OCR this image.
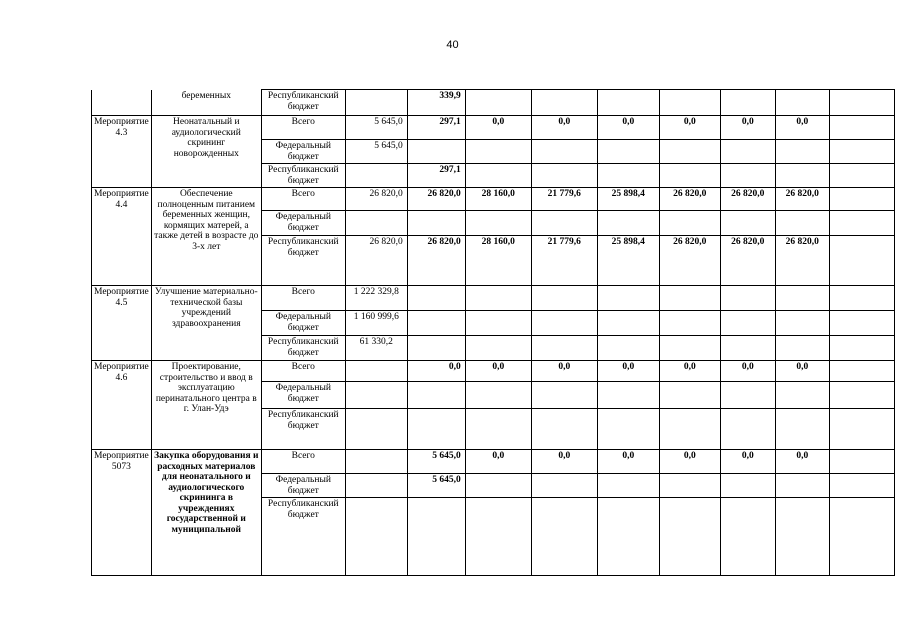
40
	беременных	Республиканский бюджет		339,9							
Мероприятие 4.3	Неонатальный и аудиологический скрининг новорожденных	Всего	5 645,0	297,1	0,0	0,0	0,0	0,0	0,0	0,0	
		Федеральный бюджет	5 645,0								
		Республиканский бюджет		297,1							
Мероприятие 4.4	Обеспечение полноценным питанием беременных женщин, кормящих матерей, а также детей в возрасте до 3-х лет	Всего	26 820,0	26 820,0	28 160,0	21 779,6	25 898,4	26 820,0	26 820,0	26 820,0	
		Федеральный бюджет									
		Республиканский бюджет	26 820,0	26 820,0	28 160,0	21 779,6	25 898,4	26 820,0	26 820,0	26 820,0	
Мероприятие 4.5	Улучшение материально-технической базы учреждений здравоохранения	Всего	1 222 329,8								
		Федеральный бюджет	1 160 999,6								
		Республиканский бюджет	61 330,2								
Мероприятие 4.6	Проектирование, строительство и ввод в эксплуатацию перинатального центра в г. Улан-Удэ	Всего		0,0	0,0	0,0	0,0	0,0	0,0	0,0	
		Федеральный бюджет									
		Республиканский бюджет									
Мероприятие 5073	Закупка оборудования и расходных материалов для неонатального и аудиологического скрининга в учреждениях государственной и муниципальной	Всего		5 645,0	0,0	0,0	0,0	0,0	0,0	0,0	
		Федеральный бюджет		5 645,0							
		Республиканский бюджет									
